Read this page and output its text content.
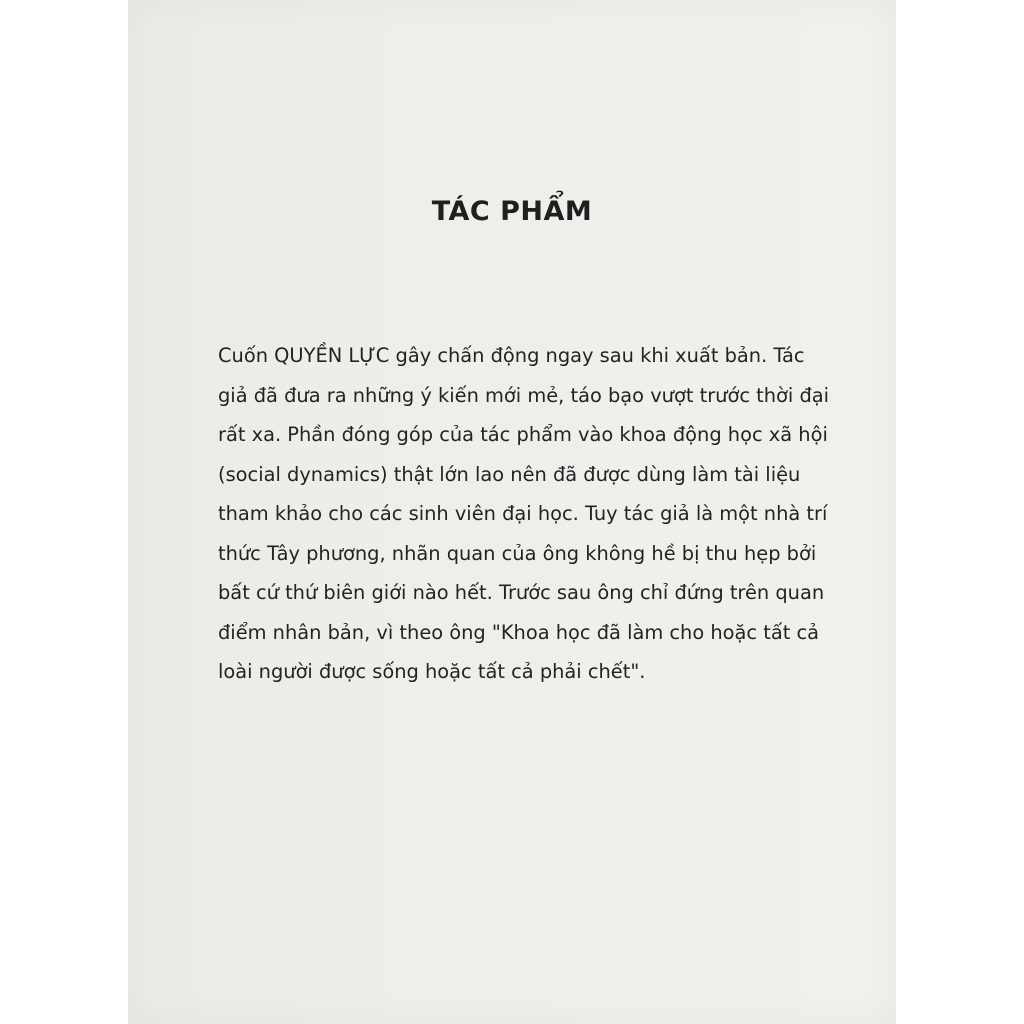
TÁC PHẨM

Cuốn QUYỀN LỰC gây chấn động ngay sau khi xuất bản. Tác
giả đã đưa ra những ý kiến mới mẻ, táo bạo vượt trước thời đại
rất xa. Phần đóng góp của tác phẩm vào khoa động học xã hội
(social dynamics) thật lớn lao nên đã được dùng làm tài liệu
tham khảo cho các sinh viên đại học. Tuy tác giả là một nhà trí
thức Tây phương, nhãn quan của ông không hề bị thu hẹp bởi
bất cứ thứ biên giới nào hết. Trước sau ông chỉ đứng trên quan
điểm nhân bản, vì theo ông "Khoa học đã làm cho hoặc tất cả
loài người được sống hoặc tất cả phải chết".
